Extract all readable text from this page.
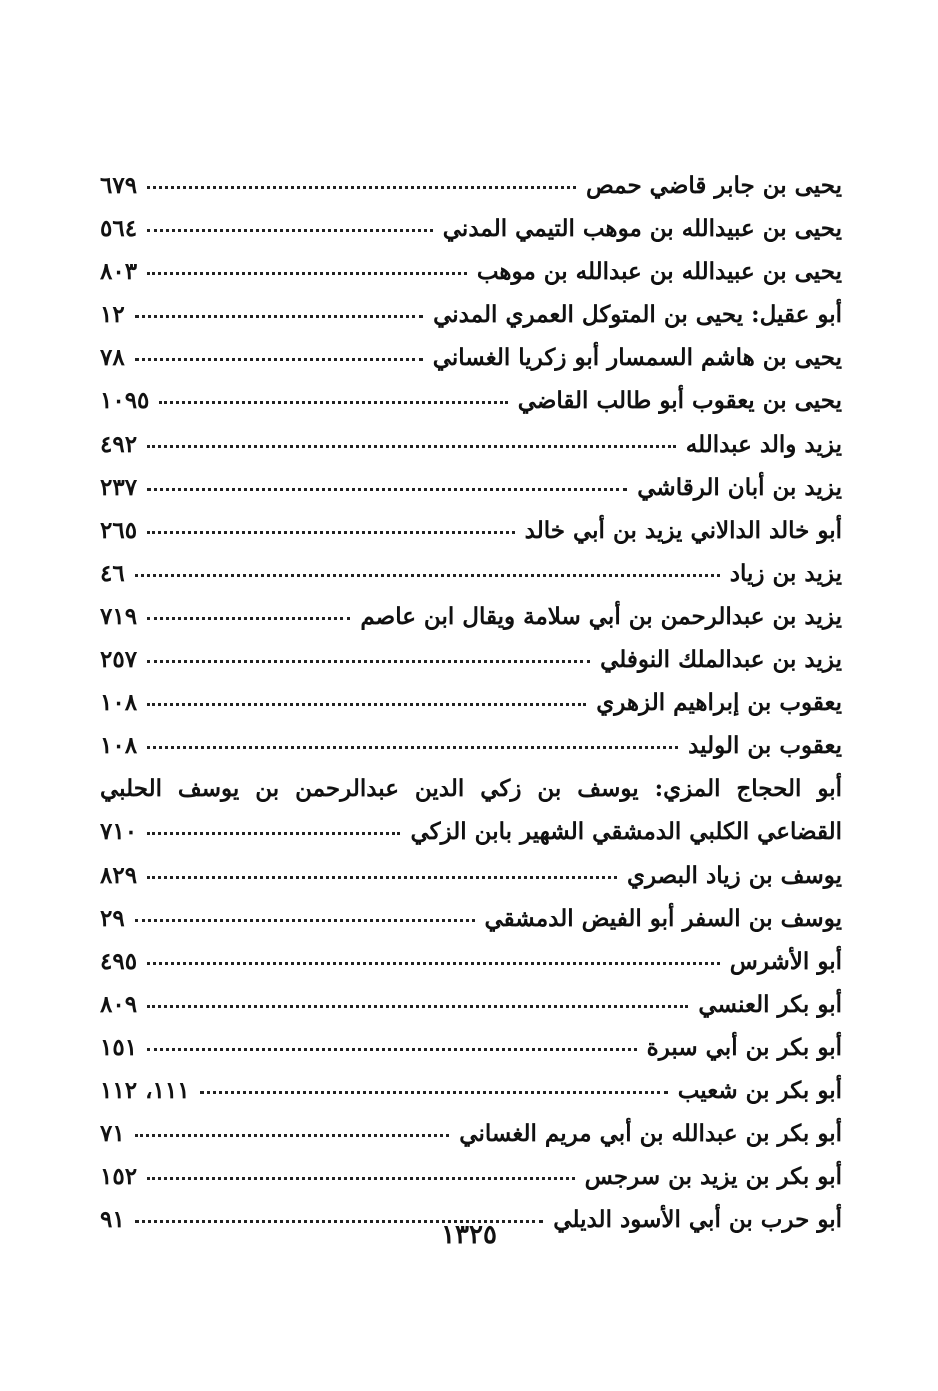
يحيى بن جابر قاضي حمص
٦٧٩
يحيى بن عبيدالله بن موهب التيمي المدني
٥٦٤
يحيى بن عبيدالله بن عبدالله بن موهب
٨٠٣
أبو عقيل: يحيى بن المتوكل العمري المدني
١٢
يحيى بن هاشم السمسار أبو زكريا الغساني
٧٨
يحيى بن يعقوب أبو طالب القاضي
١٠٩٥
يزيد والد عبدالله
٤٩٢
يزيد بن أبان الرقاشي
٢٣٧
أبو خالد الدالاني يزيد بن أبي خالد
٢٦٥
يزيد بن زياد
٤٦
يزيد بن عبدالرحمن بن أبي سلامة ويقال ابن عاصم
٧١٩
يزيد بن عبدالملك النوفلي
٢٥٧
يعقوب بن إبراهيم الزهري
١٠٨
يعقوب بن الوليد
١٠٨
أبو الحجاج المزي: يوسف بن زكي الدين عبدالرحمن بن يوسف الحلبي
القضاعي الكلبي الدمشقي الشهير بابن الزكي
٧١٠
يوسف بن زياد البصري
٨٢٩
يوسف بن السفر أبو الفيض الدمشقي
٢٩
أبو الأشرس
٤٩٥
أبو بكر العنسي
٨٠٩
أبو بكر بن أبي سبرة
١٥١
أبو بكر بن شعيب
١١١، ١١٢
أبو بكر بن عبدالله بن أبي مريم الغساني
٧١
أبو بكر بن يزيد بن سرجس
١٥٢
أبو حرب بن أبي الأسود الديلي
٩١
١٣٢٥
